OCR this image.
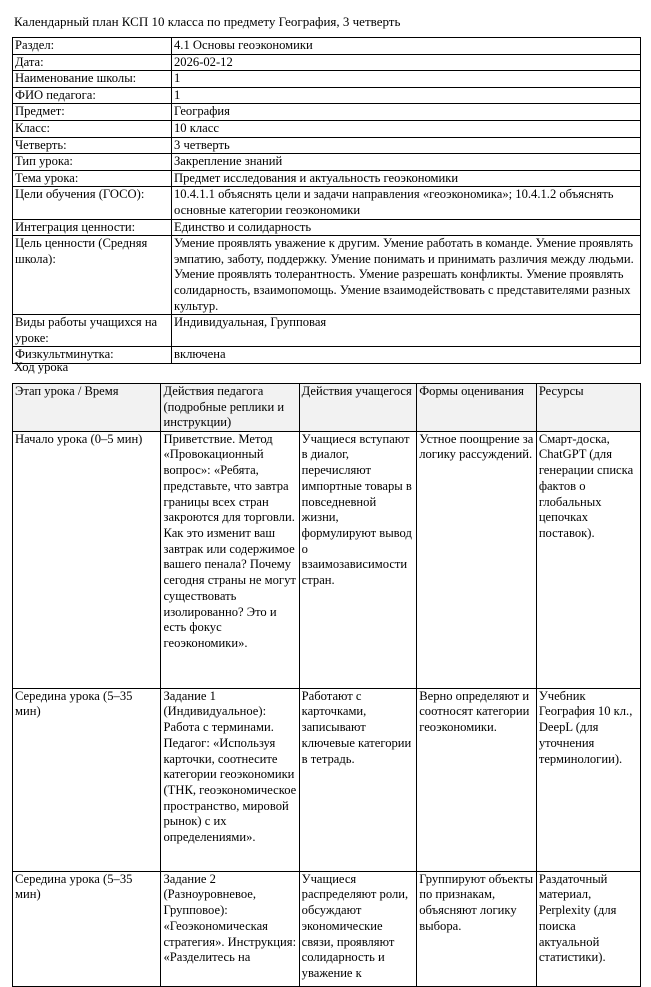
Календарный план КСП 10 класса по предмету География, 3 четверть
Раздел:	4.1 Основы геоэкономики
Дата:	2026-02-12
Наименование школы:	1
ФИО педагога:	1
Предмет:	География
Класс:	10 класс
Четверть:	3 четверть
Тип урока:	Закрепление знаний
Тема урока:	Предмет исследования и актуальность геоэкономики
Цели обучения (ГОСО):	10.4.1.1 объяснять цели и задачи направления «геоэкономика»; 10.4.1.2 объяснять основные категории геоэкономики
Интеграция ценности:	Единство и солидарность
Цель ценности (Средняя школа):	Умение проявлять уважение к другим. Умение работать в команде. Умение проявлять эмпатию, заботу, поддержку. Умение понимать и принимать различия между людьми. Умение проявлять толерантность. Умение разрешать конфликты. Умение проявлять солидарность, взаимопомощь. Умение взаимодействовать с представителями разных культур.
Виды работы учащихся на уроке:	Индивидуальная, Групповая
Физкультминутка:	включена
Ход урока
Этап урока / Время	Действия педагога (подробные реплики и инструкции)	Действия учащегося	Формы оценивания	Ресурсы
Начало урока (0–5 мин)	Приветствие. Метод «Провокационный вопрос»: «Ребята, представьте, что завтра границы всех стран закроются для торговли. Как это изменит ваш завтрак или содержимое вашего пенала? Почему сегодня страны не могут существовать изолированно? Это и есть фокус геоэкономики».	Учащиеся вступают в диалог, перечисляют импортные товары в повседневной жизни, формулируют вывод о взаимозависимости стран.	Устное поощрение за логику рассуждений.	Смарт-доска, ChatGPT (для генерации списка фактов о глобальных цепочках поставок).
Середина урока (5–35 мин)	Задание 1 (Индивидуальное): Работа с терминами. Педагог: «Используя карточки, соотнесите категории геоэкономики (ТНК, геоэкономическое пространство, мировой рынок) с их определениями».	Работают с карточками, записывают ключевые категории в тетрадь.	Верно определяют и соотносят категории геоэкономики.	Учебник География 10 кл., DeepL (для уточнения терминологии).
Середина урока (5–35 мин)	Задание 2 (Разноуровневое, Групповое): «Геоэкономическая стратегия». Инструкция: «Разделитесь на	Учащиеся распределяют роли, обсуждают экономические связи, проявляют солидарность и уважение к	Группируют объекты по признакам, объясняют логику выбора.	Раздаточный материал, Perplexity (для поиска актуальной статистики).
